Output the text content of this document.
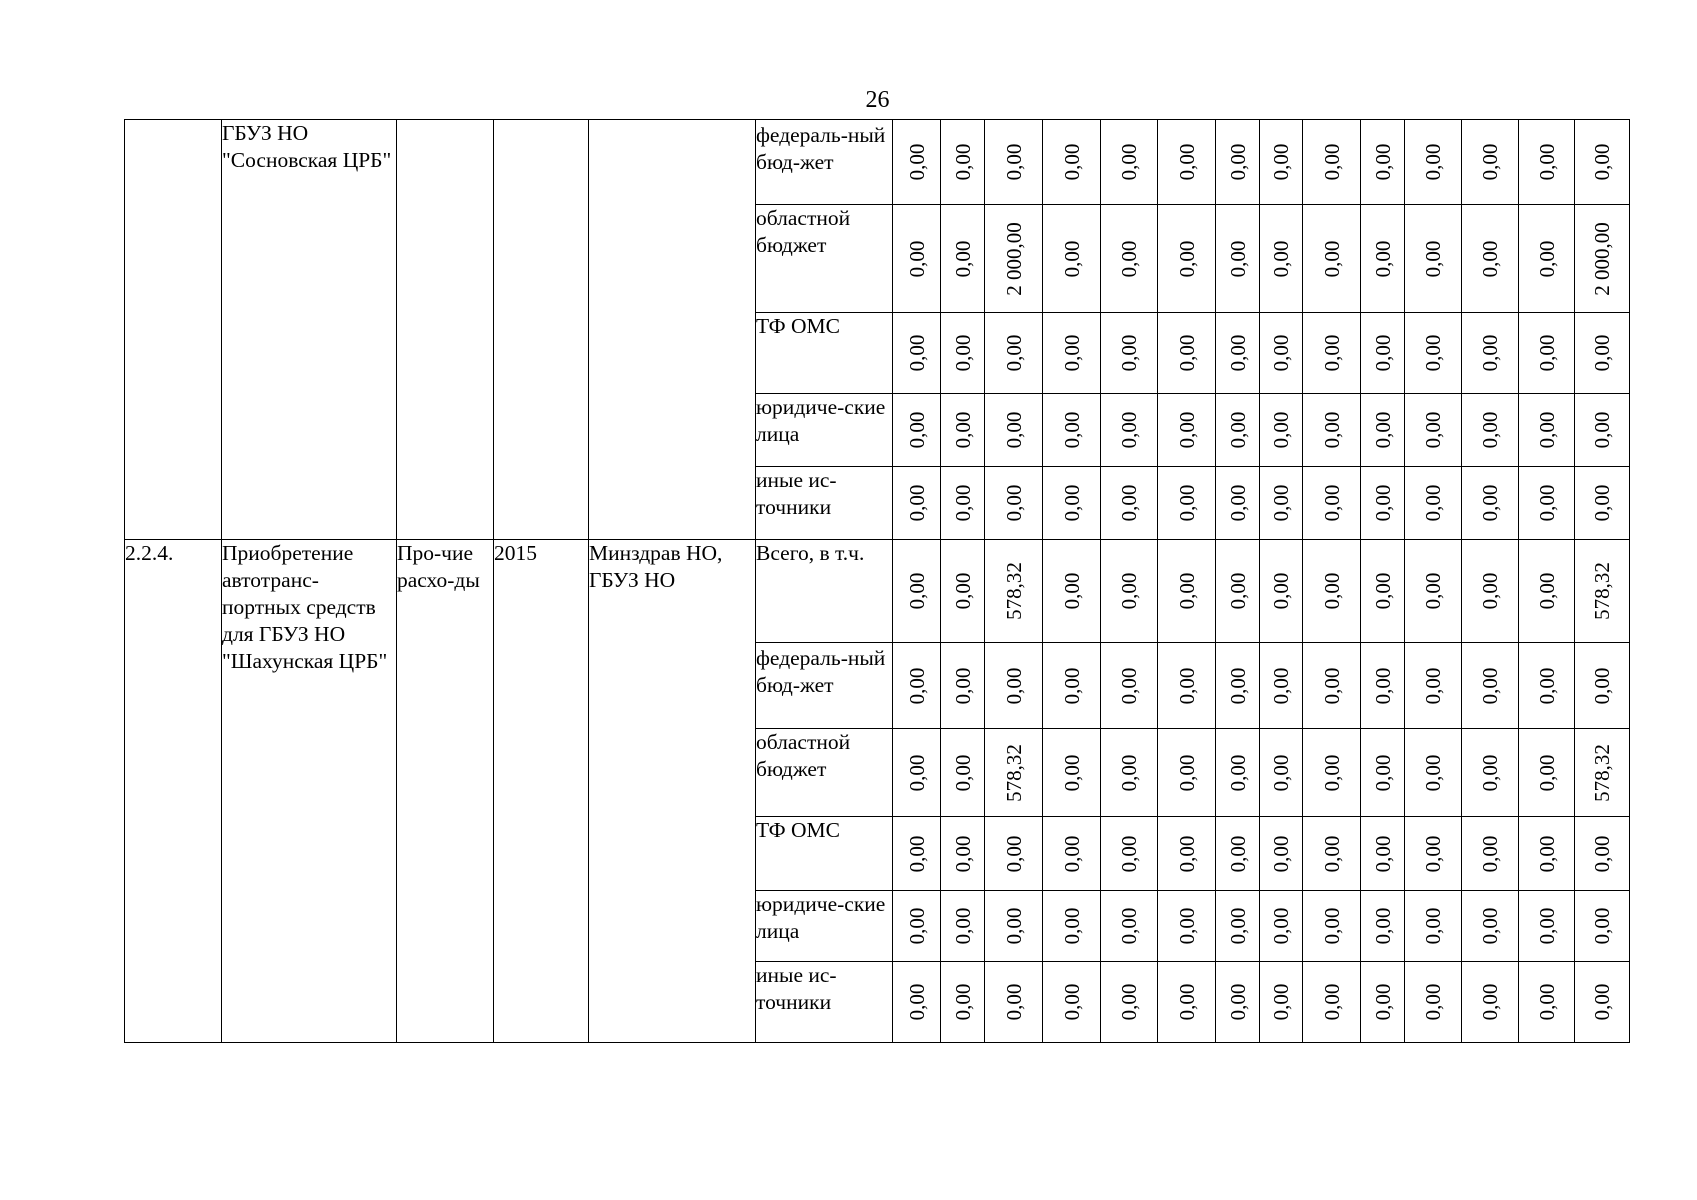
26
	ГБУЗ НО "Сосновская ЦРБ"				федераль-ный бюд-жет	0,00	0,00	0,00	0,00	0,00	0,00	0,00	0,00	0,00	0,00	0,00	0,00	0,00	0,00

					областной бюджет	0,00	0,00	2 000,00	0,00	0,00	0,00	0,00	0,00	0,00	0,00	0,00	0,00	0,00	2 000,00

					ТФ ОМС	0,00	0,00	0,00	0,00	0,00	0,00	0,00	0,00	0,00	0,00	0,00	0,00	0,00	0,00

					юридиче-ские лица	0,00	0,00	0,00	0,00	0,00	0,00	0,00	0,00	0,00	0,00	0,00	0,00	0,00	0,00

					иные ис-точники	0,00	0,00	0,00	0,00	0,00	0,00	0,00	0,00	0,00	0,00	0,00	0,00	0,00	0,00

2.2.4.	Приобретение автотранс-портных средств для ГБУЗ НО "Шахунская ЦРБ"	Про-чие расхо-ды	2015	Минздрав НО, ГБУЗ НО	Всего, в т.ч.	0,00	0,00	578,32	0,00	0,00	0,00	0,00	0,00	0,00	0,00	0,00	0,00	0,00	578,32

					федераль-ный бюд-жет	0,00	0,00	0,00	0,00	0,00	0,00	0,00	0,00	0,00	0,00	0,00	0,00	0,00	0,00

					областной бюджет	0,00	0,00	578,32	0,00	0,00	0,00	0,00	0,00	0,00	0,00	0,00	0,00	0,00	578,32

					ТФ ОМС	0,00	0,00	0,00	0,00	0,00	0,00	0,00	0,00	0,00	0,00	0,00	0,00	0,00	0,00

					юридиче-ские лица	0,00	0,00	0,00	0,00	0,00	0,00	0,00	0,00	0,00	0,00	0,00	0,00	0,00	0,00

					иные ис-точники	0,00	0,00	0,00	0,00	0,00	0,00	0,00	0,00	0,00	0,00	0,00	0,00	0,00	0,00
